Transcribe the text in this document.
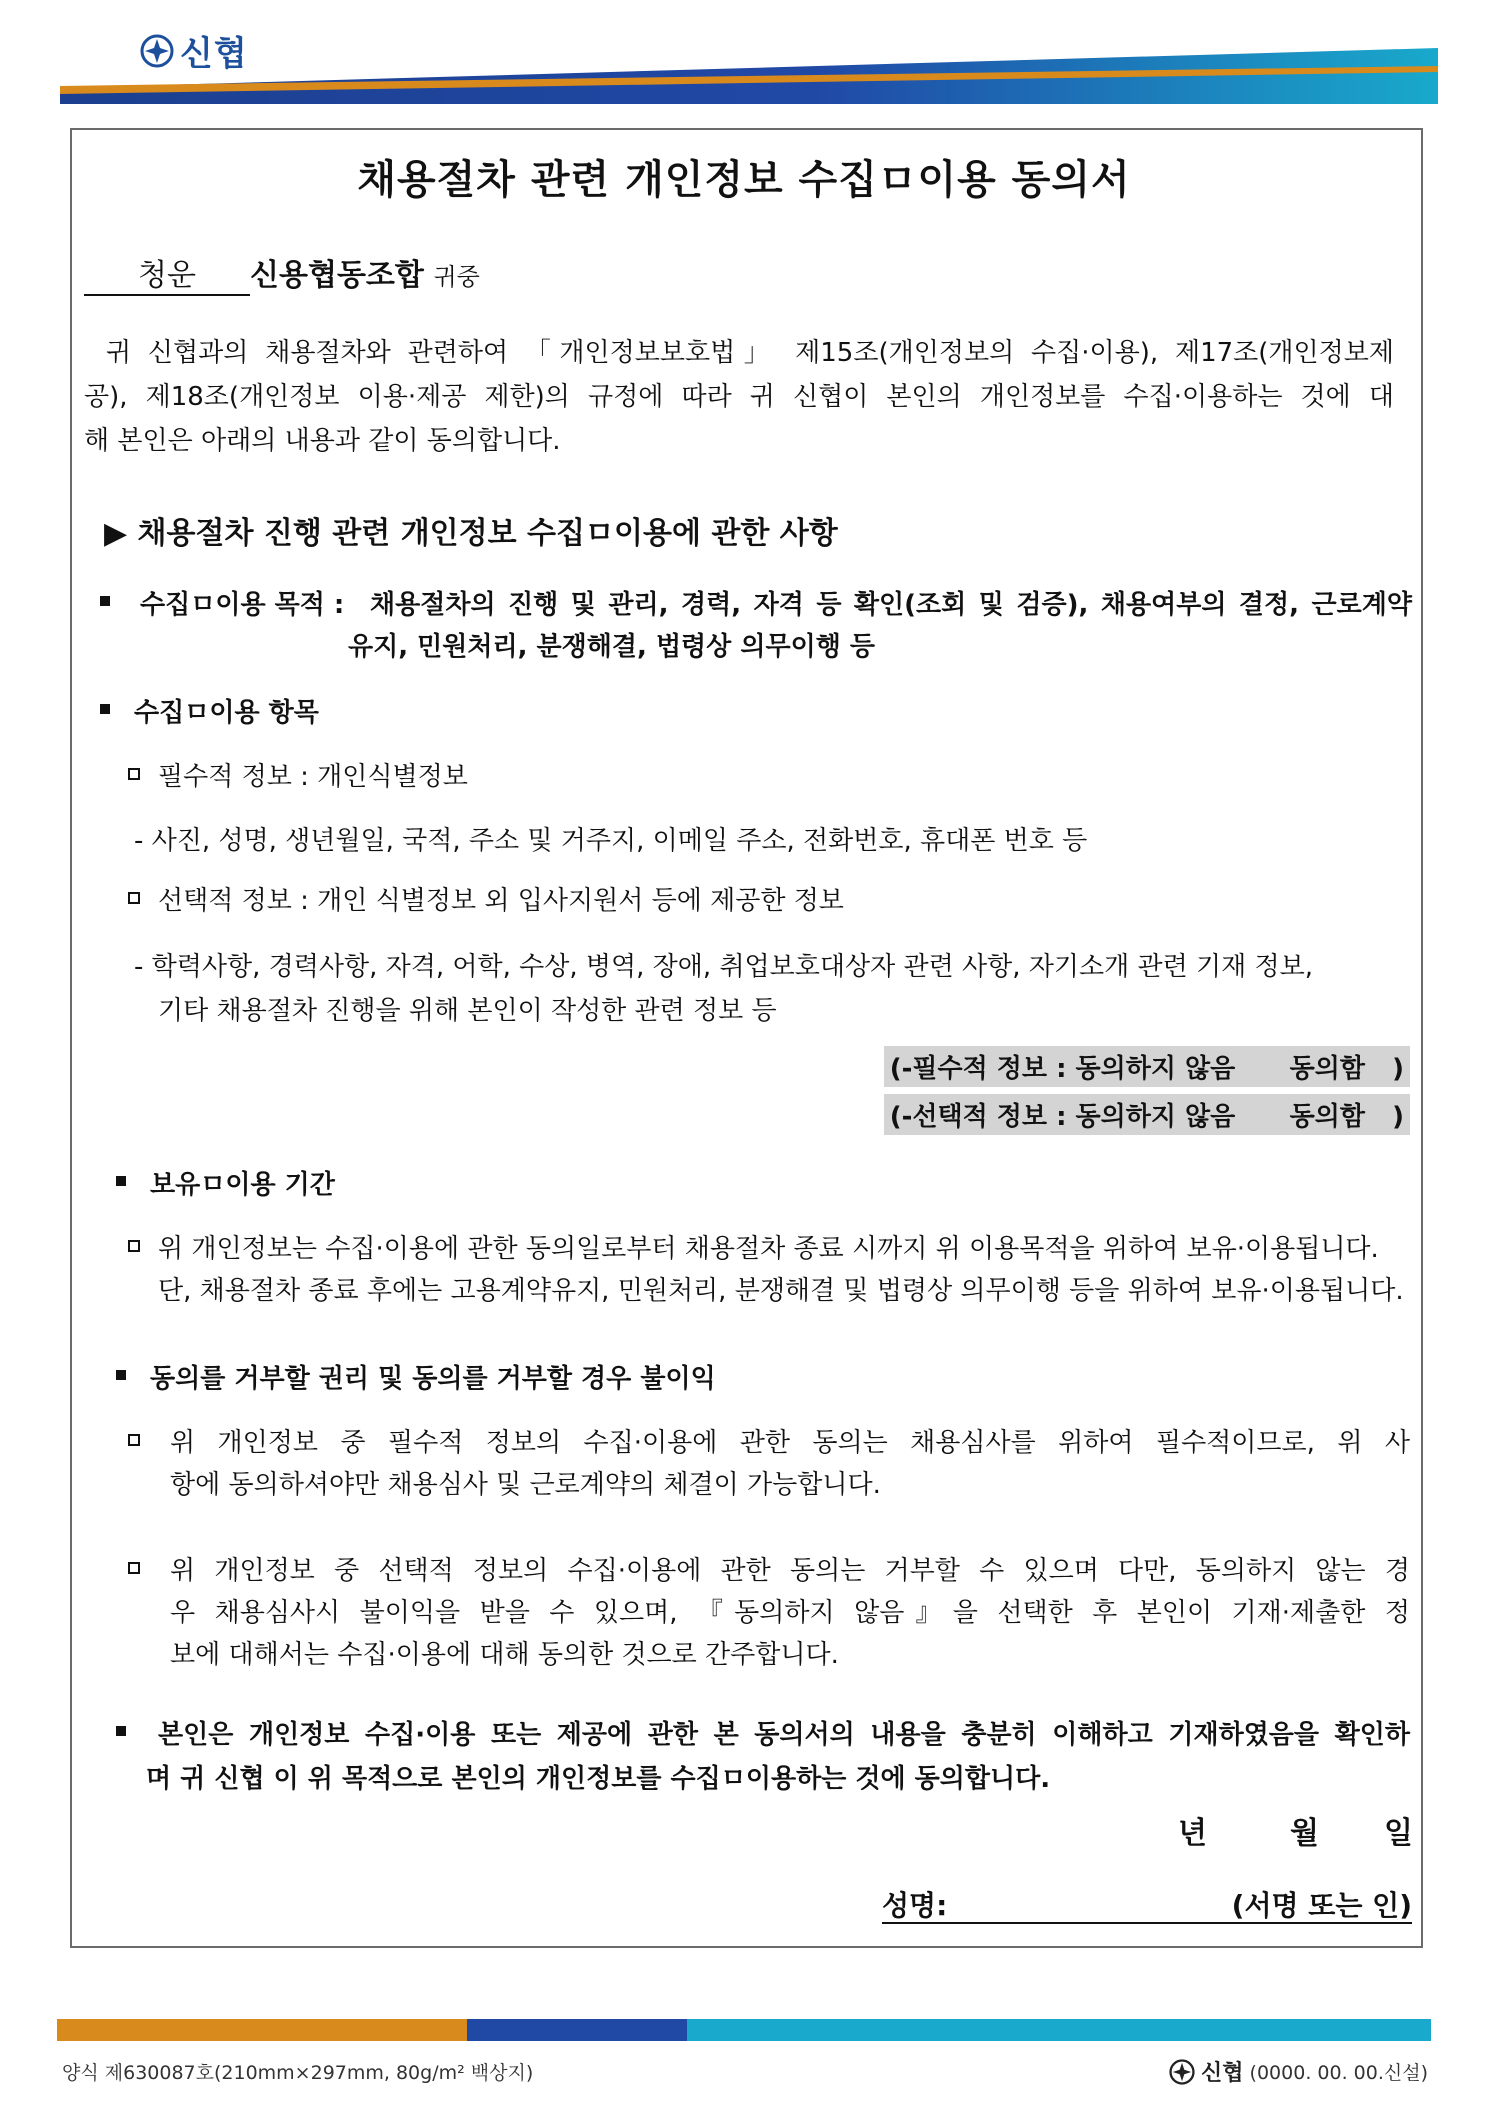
신협
채용절차 관련 개인정보 수집ㅁ이용 동의서
청운 신용협동조합 귀중
귀 신협과의 채용절차와 관련하여 「개인정보보호법」 제15조(개인정보의 수집·이용), 제17조(개인정보제
공), 제18조(개인정보 이용·제공 제한)의 규정에 따라 귀 신협이 본인의 개인정보를 수집·이용하는 것에 대
해 본인은 아래의 내용과 같이 동의합니다.
▶ 채용절차 진행 관련 개인정보 수집ㅁ이용에 관한 사항
수집ㅁ이용 목적 : 채용절차의 진행 및 관리, 경력, 자격 등 확인(조회 및 검증), 채용여부의 결정, 근로계약
유지, 민원처리, 분쟁해결, 법령상 의무이행 등
수집ㅁ이용 항목
필수적 정보 : 개인식별정보
- 사진, 성명, 생년월일, 국적, 주소 및 거주지, 이메일 주소, 전화번호, 휴대폰 번호 등
선택적 정보 : 개인 식별정보 외 입사지원서 등에 제공한 정보
- 학력사항, 경력사항, 자격, 어학, 수상, 병역, 장애, 취업보호대상자 관련 사항, 자기소개 관련 기재 정보,
기타 채용절차 진행을 위해 본인이 작성한 관련 정보 등
(-필수적 정보 : 동의하지 않음      동의함   )
(-선택적 정보 : 동의하지 않음      동의함   )
보유ㅁ이용 기간
위 개인정보는 수집·이용에 관한 동의일로부터 채용절차 종료 시까지 위 이용목적을 위하여 보유·이용됩니다.
단, 채용절차 종료 후에는 고용계약유지, 민원처리, 분쟁해결 및 법령상 의무이행 등을 위하여 보유·이용됩니다.
동의를 거부할 권리 및 동의를 거부할 경우 불이익
위 개인정보 중 필수적 정보의 수집·이용에 관한 동의는 채용심사를 위하여 필수적이므로, 위 사
항에 동의하셔야만 채용심사 및 근로계약의 체결이 가능합니다.
위 개인정보 중 선택적 정보의 수집·이용에 관한 동의는 거부할 수 있으며 다만, 동의하지 않는 경
우 채용심사시 불이익을 받을 수 있으며, 『동의하지 않음』을 선택한 후 본인이 기재·제출한 정
보에 대해서는 수집·이용에 대해 동의한 것으로 간주합니다.
본인은 개인정보 수집·이용 또는 제공에 관한 본 동의서의 내용을 충분히 이해하고 기재하였음을 확인하
며 귀 신협 이 위 목적으로 본인의 개인정보를 수집ㅁ이용하는 것에 동의합니다.
년	월 일
성명:	(서명 또는 인)
양식 제630087호(210mm×297mm, 80g/m² 백상지)	신협 (0000. 00. 00.신설)
